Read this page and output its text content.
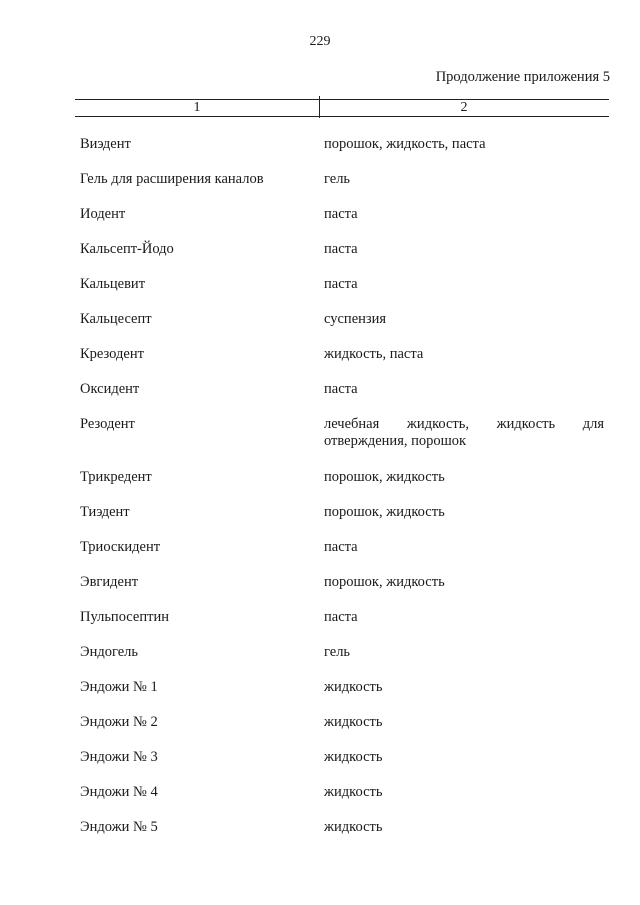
229
Продолжение приложения 5
1	2
Виэдент	порошок, жидкость, паста
Гель для расширения каналов	гель
Иодент	паста
Кальсепт-Йодо	паста
Кальцевит	паста
Кальцесепт	суспензия
Крезодент	жидкость, паста
Оксидент	паста
Резодент	лечебная жидкость, жидкость для отверждения, порошок
Трикредент	порошок, жидкость
Тиэдент	порошок, жидкость
Триоскидент	паста
Эвгидент	порошок, жидкость
Пульпосептин	паста
Эндогель	гель
Эндожи № 1	жидкость
Эндожи № 2	жидкость
Эндожи № 3	жидкость
Эндожи № 4	жидкость
Эндожи № 5	жидкость
